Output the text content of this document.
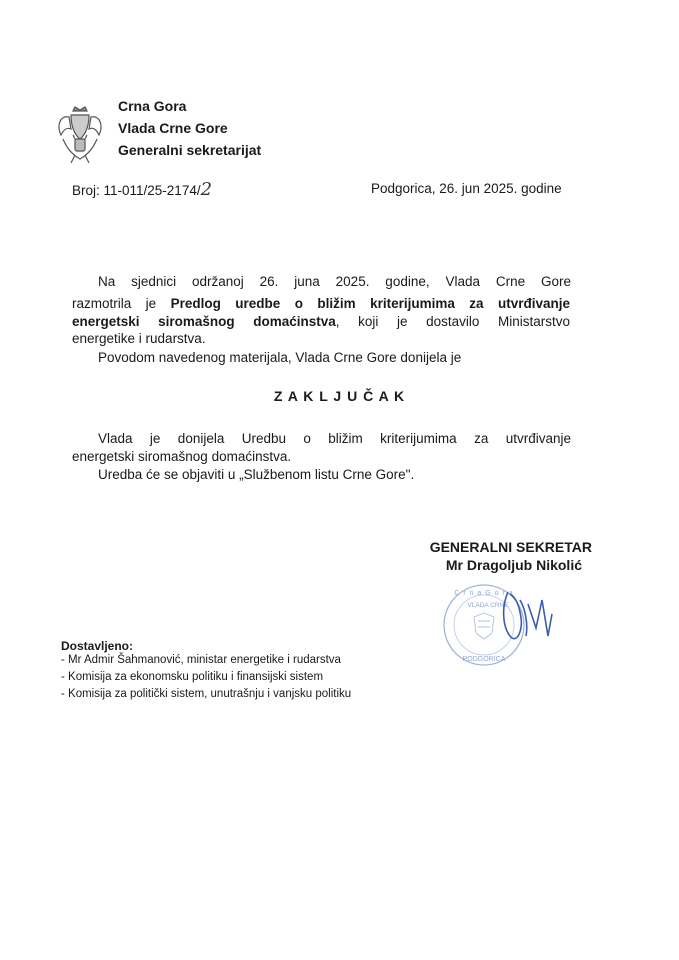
Crna Gora
Vlada Crne Gore
Generalni sekretarijat
Broj: 11-011/25-2174/2	Podgorica, 26. jun 2025. godine
Na sjednici održanoj 26. juna 2025. godine, Vlada Crne Gore
razmotrila je Predlog uredbe o bližim kriterijumima za utvrđivanje
energetski siromašnog domaćinstva, koji je dostavilo Ministarstvo
energetike i rudarstva.
Povodom navedenog materijala, Vlada Crne Gore donijela je
Z A K L J U Č A K
Vlada je donijela Uredbu o bližim kriterijumima za utvrđivanje
energetski siromašnog domaćinstva.
Uredba će se objaviti u „Službenom listu Crne Gore".
GENERALNI SEKRETAR
Mr Dragoljub Nikolić
C r n a G o r a
VLADA CRNE
PODGORICA
Dostavljeno:
- Mr Admir Šahmanović, ministar energetike i rudarstva
- Komisija za ekonomsku politiku i finansijski sistem
- Komisija za politički sistem, unutrašnju i vanjsku politiku
